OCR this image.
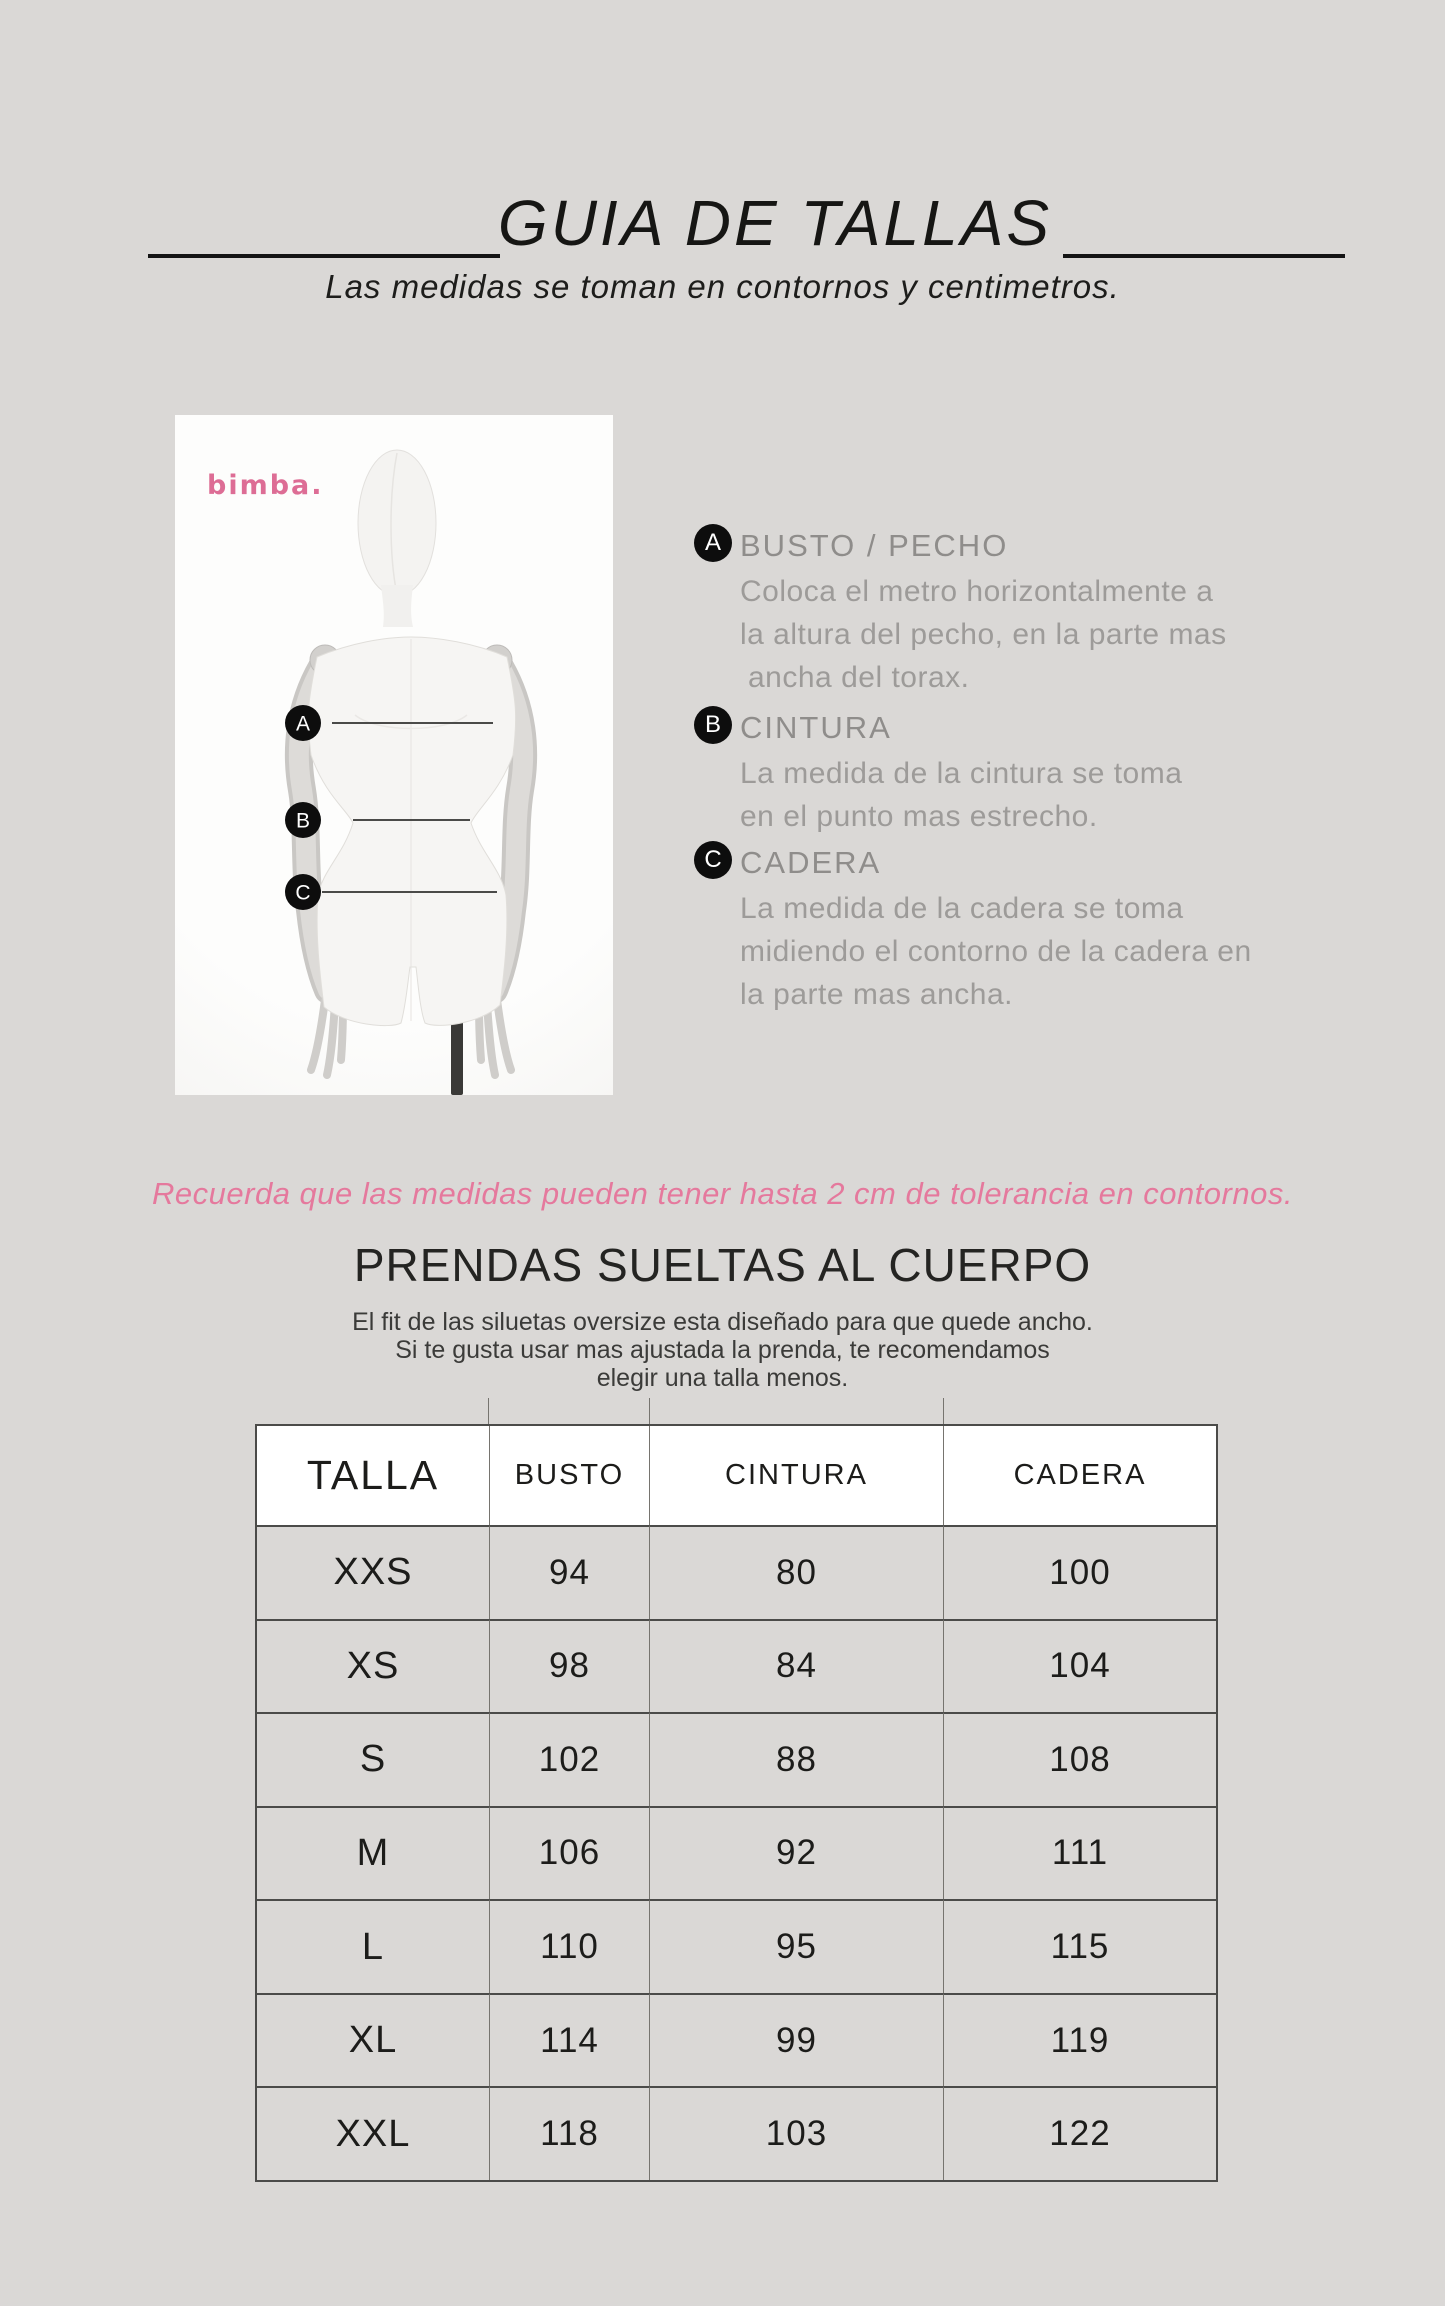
GUIA DE TALLAS
Las medidas se toman en contornos y centimetros.
bimba.
A
B
C
A BUSTO / PECHO
Coloca el metro horizontalmente a
la altura del pecho, en la parte mas
ancha del torax.
B CINTURA
La medida de la cintura se toma
en el punto mas estrecho.
C CADERA
La medida de la cadera se toma
midiendo el contorno de la cadera en
la parte mas ancha.
Recuerda que las medidas pueden tener hasta 2 cm de tolerancia en contornos.
PRENDAS SUELTAS AL CUERPO
El fit de las siluetas oversize esta diseñado para que quede ancho.
Si te gusta usar mas ajustada la prenda, te recomendamos
elegir una talla menos.
TALLA	BUSTO	CINTURA	CADERA
XXS	94	80	100
XS	98	84	104
S	102	88	108
M	106	92	111
L	110	95	115
XL	114	99	119
XXL	118	103	122
